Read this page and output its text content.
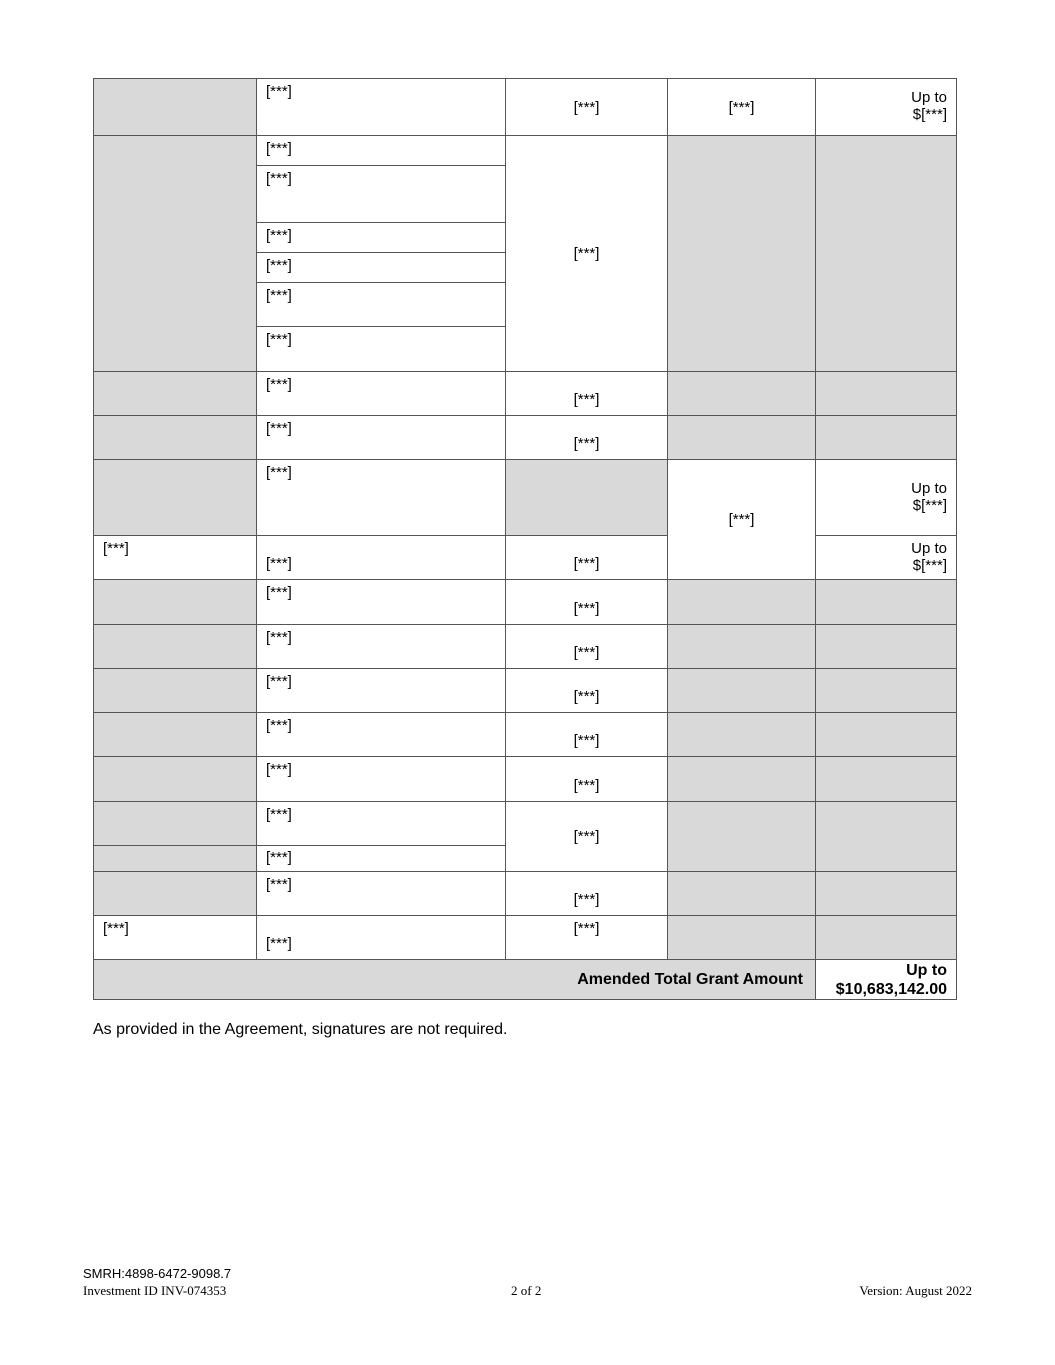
	[***]	[***]	[***]	Up to
$[***]

	[***]	[***]		
	[***]			
	[***]			
	[***]			
	[***]			
	[***]			
	[***]	[***]		
	[***]	[***]		
	[***]		[***]	Up to
$[***]

[***]	[***]	[***]		Up to
$[***]

	[***]	[***]		
	[***]	[***]		
	[***]	[***]		
	[***]	[***]		
	[***]	[***]		
	[***]	[***]		
	[***]			
	[***]	[***]		
[***]	[***]	[***]		
Amended Total Grant Amount				Up to
$10,683,142.00
As provided in the Agreement, signatures are not required.
SMRH:4898-6472-9098.7
Investment ID INV-074353	2 of 2	Version: August 2022
